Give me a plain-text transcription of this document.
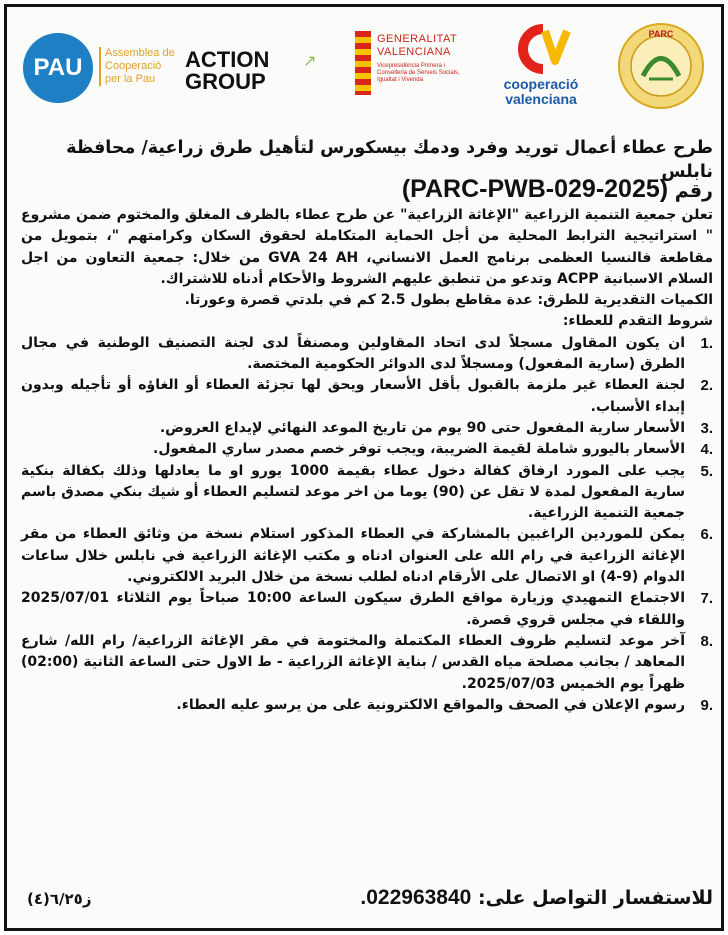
PAU
Assemblea de
Cooperació
per la Pau
ACTION GROUP
↗
GENERALITAT
VALENCIANA
Vicepresidència Primera i
Conselleria de Serveis Socials,
Igualtat i Vivenda	cooperació
valenciana
PARC
طرح عطاء أعمال توريد وفرد ودمك بيسكورس لتأهيل طرق زراعية/ محافظة نابلس
رقم (PARC-PWB-029-2025)

تعلن جمعية التنمية الزراعية "الإغاثة الزراعية" عن طرح عطاء بالظرف المغلق والمختوم ضمن مشروع " استراتيجية الترابط المحلية من أجل الحماية المتكاملة لحقوق السكان وكرامتهم "، بتمويل من مقاطعة فالنسيا العظمى برنامج العمل الانساني، GVA 24 AH من خلال: جمعية التعاون من اجل السلام الاسبانية ACPP وتدعو من تنطبق عليهم الشروط والأحكام أدناه للاشتراك.

الكميات التقديرية للطرق: عدة مقاطع بطول 2.5 كم في بلدتي قصرة وعورتا.

شروط التقدم للعطاء:

1.
ان يكون المقاول مسجلاً لدى اتحاد المقاولين ومصنفاً لدى لجنة التصنيف الوطنية في مجال الطرق (سارية المفعول) ومسجلاً لدى الدوائر الحكومية المختصة.
2.
لجنة العطاء غير ملزمة بالقبول بأقل الأسعار ويحق لها تجزئة العطاء أو الغاؤه أو تأجيله وبدون إبداء الأسباب.
3.
الأسعار سارية المفعول حتى 90 يوم من تاريخ الموعد النهائي لإيداع العروض.
4.
الأسعار باليورو شاملة لقيمة الضريبة، ويجب توفر خصم مصدر ساري المفعول.
5.
يجب على المورد ارفاق كفالة دخول عطاء بقيمة 1000 يورو او ما يعادلها وذلك بكفالة بنكية سارية المفعول لمدة لا تقل عن (90) يوما من اخر موعد لتسليم العطاء أو شيك بنكي مصدق باسم جمعية التنمية الزراعية.
6.
يمكن للموردين الراغبين بالمشاركة في العطاء المذكور استلام نسخة من وثائق العطاء من مقر الإغاثة الزراعية في رام الله على العنوان ادناه و مكتب الإغاثة الزراعية في نابلس خلال ساعات الدوام (9-4) او الاتصال على الأرقام ادناه لطلب نسخة من خلال البريد الالكتروني.
7.
الاجتماع التمهيدي وزيارة مواقع الطرق سيكون الساعة 10:00 صباحاً يوم الثلاثاء 2025/07/01 واللقاء في مجلس قروي قصرة.
8.
آخر موعد لتسليم ظروف العطاء المكتملة والمختومة في مقر الإغاثة الزراعية/ رام الله/ شارع المعاهد / بجانب مصلحة مياه القدس / بناية الإغاثة الزراعية - ط الاول حتى الساعة الثانية (02:00) ظهراً يوم الخميس 2025/07/03.
9.
رسوم الإعلان في الصحف والمواقع الالكترونية على من يرسو عليه العطاء.
للاستفسار التواصل على: 022963840.
ز٦/٢٥(٤)
